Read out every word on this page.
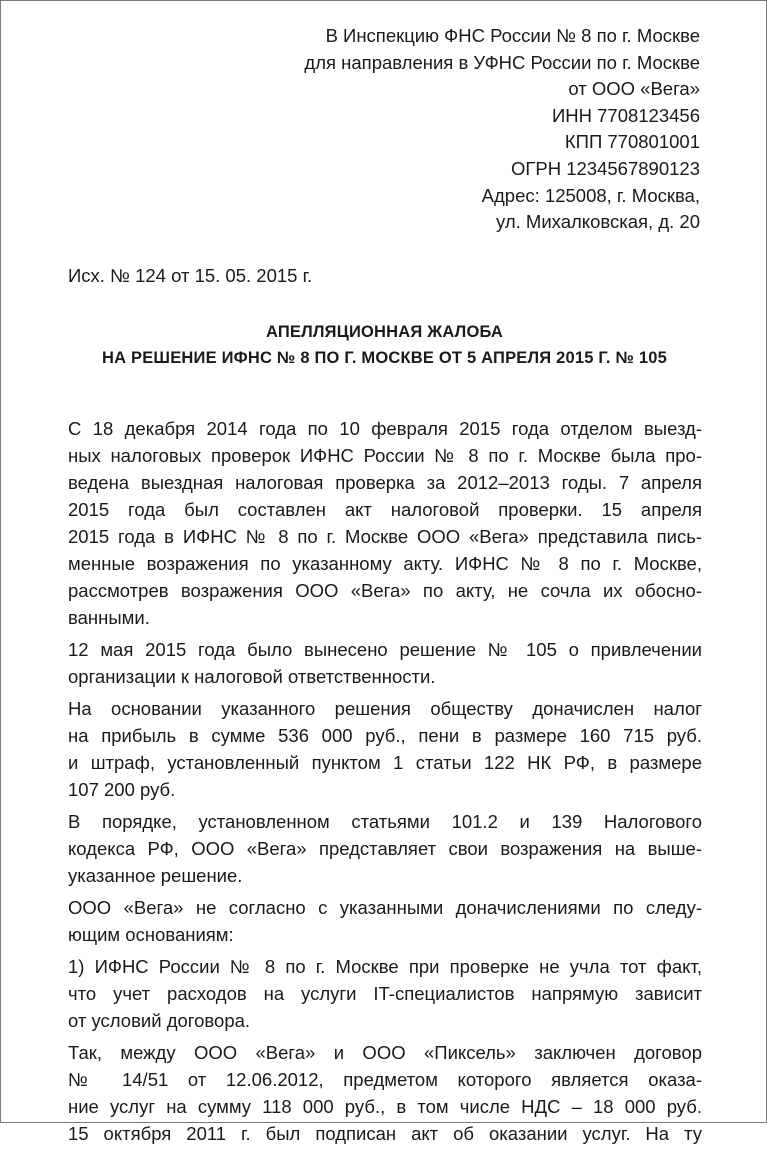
В Инспекцию ФНС России № 8 по г. Москве
для направления в УФНС России по г. Москве
от ООО «Вега»
ИНН 7708123456
КПП 770801001
ОГРН 1234567890123
Адрес: 125008, г. Москва,
ул. Михалковская, д. 20
Исх. № 124 от 15. 05. 2015 г.
АПЕЛЛЯЦИОННАЯ ЖАЛОБА
НА РЕШЕНИЕ ИФНС № 8 ПО Г. МОСКВЕ ОТ 5 АПРЕЛЯ 2015 Г. № 105

С 18 декабря 2014 года по 10 февраля 2015 года отделом выезд-
ных налоговых проверок ИФНС России № 8 по г. Москве была про-
ведена выездная налоговая проверка за 2012–2013 годы. 7 апреля
2015 года был составлен акт налоговой проверки. 15 апреля
2015 года в ИФНС № 8 по г. Москве ООО «Вега» представила пись-
менные возражения по указанному акту. ИФНС № 8 по г. Москве,
рассмотрев возражения ООО «Вега» по акту, не сочла их обосно-
ванными.

12 мая 2015 года было вынесено решение № 105 о привлечении
организации к налоговой ответственности.

На основании указанного решения обществу доначислен налог
на прибыль в сумме 536 000 руб., пени в размере 160 715 руб.
и штраф, установленный пунктом 1 статьи 122 НК РФ, в размере
107 200 руб.

В порядке, установленном статьями 101.2 и 139 Налогового
кодекса РФ, ООО «Вега» представляет свои возражения на выше-
указанное решение.

ООО «Вега» не согласно с указанными доначислениями по следу-
ющим основаниям:

1) ИФНС России № 8 по г. Москве при проверке не учла тот факт,
что учет расходов на услуги IT-специалистов напрямую зависит
от условий договора.

Так, между ООО «Вега» и ООО «Пиксель» заключен договор
№ 14/51 от 12.06.2012, предметом которого является оказа-
ние услуг на сумму 118 000 руб., в том числе НДС – 18 000 руб.
15 октября 2011 г. был подписан акт об оказании услуг. На ту
